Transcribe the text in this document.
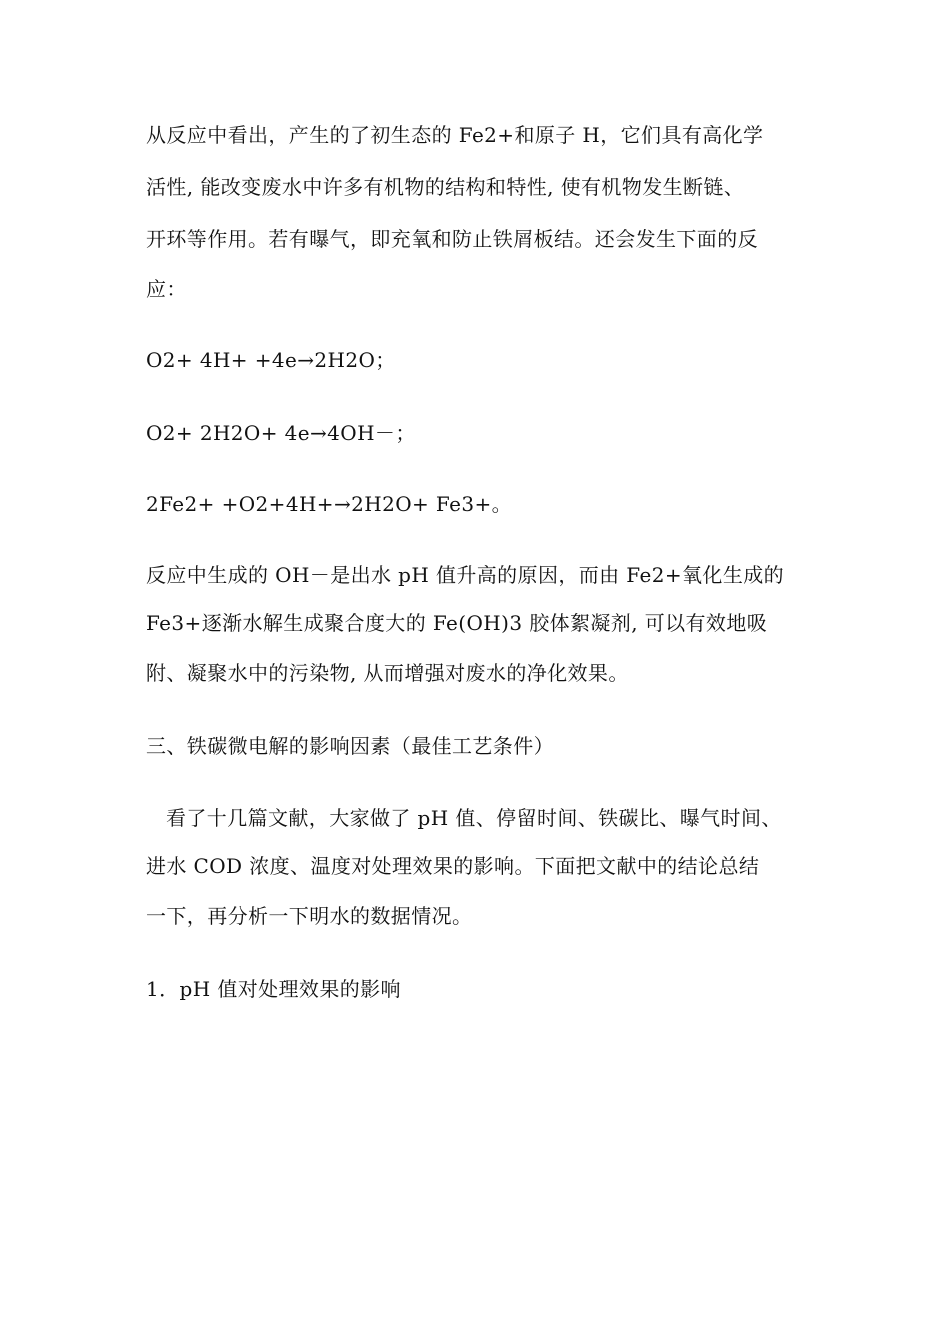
从反应中看出，产生的了初生态的 Fe2+和原子 H，它们具有高化学
活性, 能改变废水中许多有机物的结构和特性, 使有机物发生断链、
开环等作用。若有曝气，即充氧和防止铁屑板结。还会发生下面的反
应：
O2+ 4H+ +4e→2H2O；
O2+ 2H2O+ 4e→4OH－；
2Fe2+ +O2+4H+→2H2O+ Fe3+。
反应中生成的 OH－是出水 pH 值升高的原因，而由 Fe2+氧化生成的
Fe3+逐渐水解生成聚合度大的 Fe(OH)3 胶体絮凝剂, 可以有效地吸
附、凝聚水中的污染物, 从而增强对废水的净化效果。
三、铁碳微电解的影响因素（最佳工艺条件）
看了十几篇文献，大家做了 pH 值、停留时间、铁碳比、曝气时间、
进水 COD 浓度、温度对处理效果的影响。下面把文献中的结论总结
一下，再分析一下明水的数据情况。
1．pH 值对处理效果的影响
